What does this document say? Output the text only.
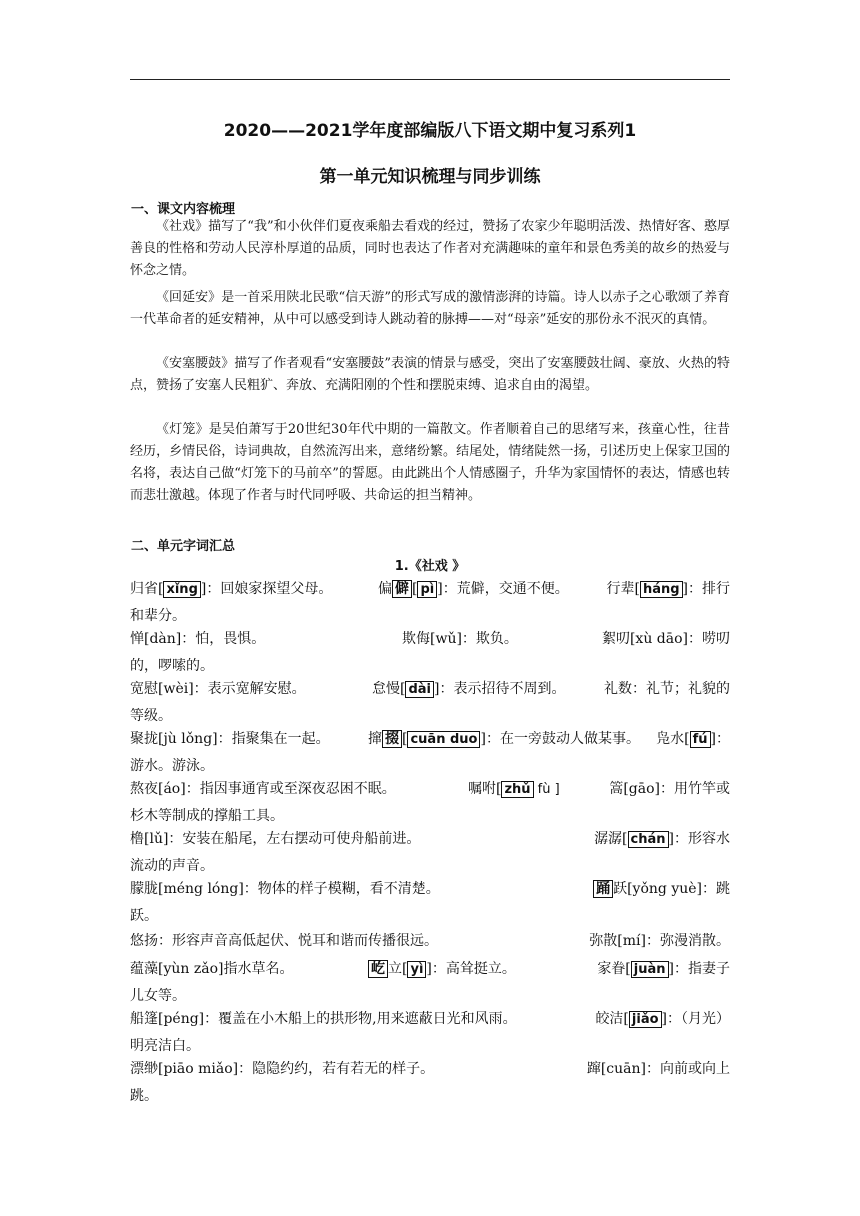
2020——2021学年度部编版八下语文期中复习系列1
第一单元知识梳理与同步训练
一、课文内容梳理
《社戏》描写了“我”和小伙伴们夏夜乘船去看戏的经过，赞扬了农家少年聪明活泼、热情好客、憨厚善良的性格和劳动人民淳朴厚道的品质，同时也表达了作者对充满趣味的童年和景色秀美的故乡的热爱与怀念之情。
《回延安》是一首采用陕北民歌“信天游”的形式写成的激情澎湃的诗篇。诗人以赤子之心歌颂了养育一代革命者的延安精神，从中可以感受到诗人跳动着的脉搏——对“母亲”延安的那份永不泯灭的真情。
《安塞腰鼓》描写了作者观看“安塞腰鼓”表演的情景与感受，突出了安塞腰鼓壮阔、豪放、火热的特点，赞扬了安塞人民粗犷、奔放、充满阳刚的个性和摆脱束缚、追求自由的渴望。
《灯笼》是吴伯萧写于20世纪30年代中期的一篇散文。作者顺着自己的思绪写来，孩童心性，往昔经历，乡情民俗，诗词典故，自然流泻出来，意绪纷繁。结尾处，情绪陡然一扬，引述历史上保家卫国的名将，表达自己做“灯笼下的马前卒”的誓愿。由此跳出个人情感圈子，升华为家国情怀的表达，情感也转而悲壮激越。体现了作者与时代同呼吸、共命运的担当精神。
二、单元字词汇总
1.《社戏 》
归省[ xǐng ]：回娘家探望父母。	偏 僻 [ pì ]：荒僻，交通不便。	行辈[ háng ]：排行
和辈分。
惮[dàn]：怕，畏惧。	欺侮[wǔ]：欺负。	絮叨[xù dāo]：唠叨
的，啰嗦的。
宽慰[wèi]：表示宽解安慰。	怠慢[ dài ]：表示招待不周到。	礼数：礼节；礼貌的
等级。
聚拢[jù lǒng]：指聚集在一起。	撺 掇 [ cuān duo ]：在一旁鼓动人做某事。 凫水[ fú ]：
游水。游泳。
熬夜[áo]：指因事通宵或至深夜忍困不眠。	嘱咐[ zhǔ fù ]	篙[gāo]：用竹竿或
杉木等制成的撑船工具。
橹[lǔ]：安装在船尾，左右摆动可使舟船前进。	潺潺[ chán ]：形容水
流动的声音。
朦胧[méng lóng]：物体的样子模糊，看不清楚。	踊 跃[yǒng yuè]：跳
跃。
悠扬：形容声音高低起伏、悦耳和谐而传播很远。	弥散[mí]：弥漫消散。
蕴藻[yùn zǎo]指水草名。	屹 立[ yì ]：高耸挺立。	家眷[ juàn ]：指妻子
儿女等。
船篷[péng]：覆盖在小木船上的拱形物,用来遮蔽日光和风雨。	皎洁[ jiǎo ]：（月光）
明亮洁白。
漂缈[piāo miǎo]：隐隐约约，若有若无的样子。	蹿[cuān]：向前或向上
跳。
